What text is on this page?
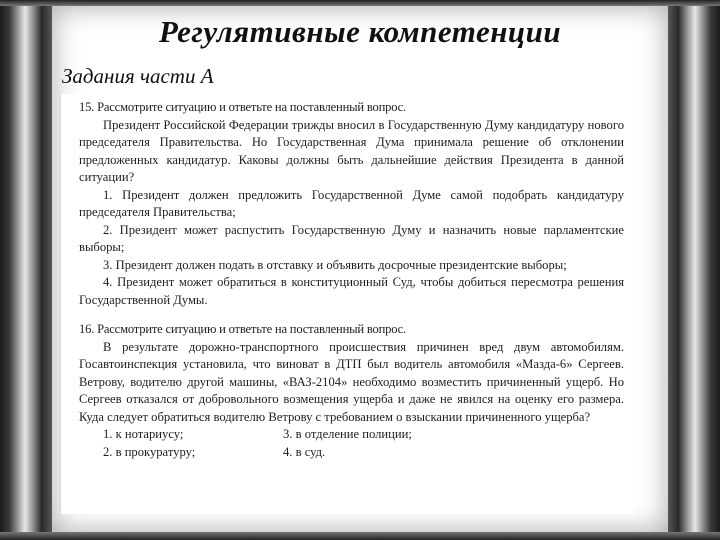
Регулятивные компетенции
Задания части А
15. Рассмотрите ситуацию и ответьте на поставленный вопрос.

Президент Российской Федерации трижды вносил в Государственную Думу кандидатуру нового председателя Правительства. Но Государственная Дума принимала решение об отклонении предложенных кандидатур. Каковы должны быть дальнейшие действия Президента в данной ситуации?

1. Президент должен предложить Государственной Думе самой подобрать кандидатуру председателя Правительства;

2. Президент может распустить Государственную Думу и назначить новые парламентские выборы;

3. Президент должен подать в отставку и объявить досрочные президентские выборы;

4. Президент может обратиться в конституционный Суд, чтобы добиться пересмотра решения Государственной Думы.

16. Рассмотрите ситуацию и ответьте на поставленный вопрос.

В результате дорожно-транспортного происшествия причинен вред двум автомобилям. Госавтоинспекция установила, что виноват в ДТП был водитель автомобиля «Мазда-6» Сергеев. Ветрову, водителю другой машины, «ВАЗ-2104» необходимо возместить причиненный ущерб. Но Сергеев отказался от добровольного возмещения ущерба и даже не явился на оценку его размера. Куда следует обратиться водителю Ветрову с требованием о взыскании причиненного ущерба?

1. к нотариусу;	3. в отделение полиции;
2. в прокуратуру;	4. в суд.
